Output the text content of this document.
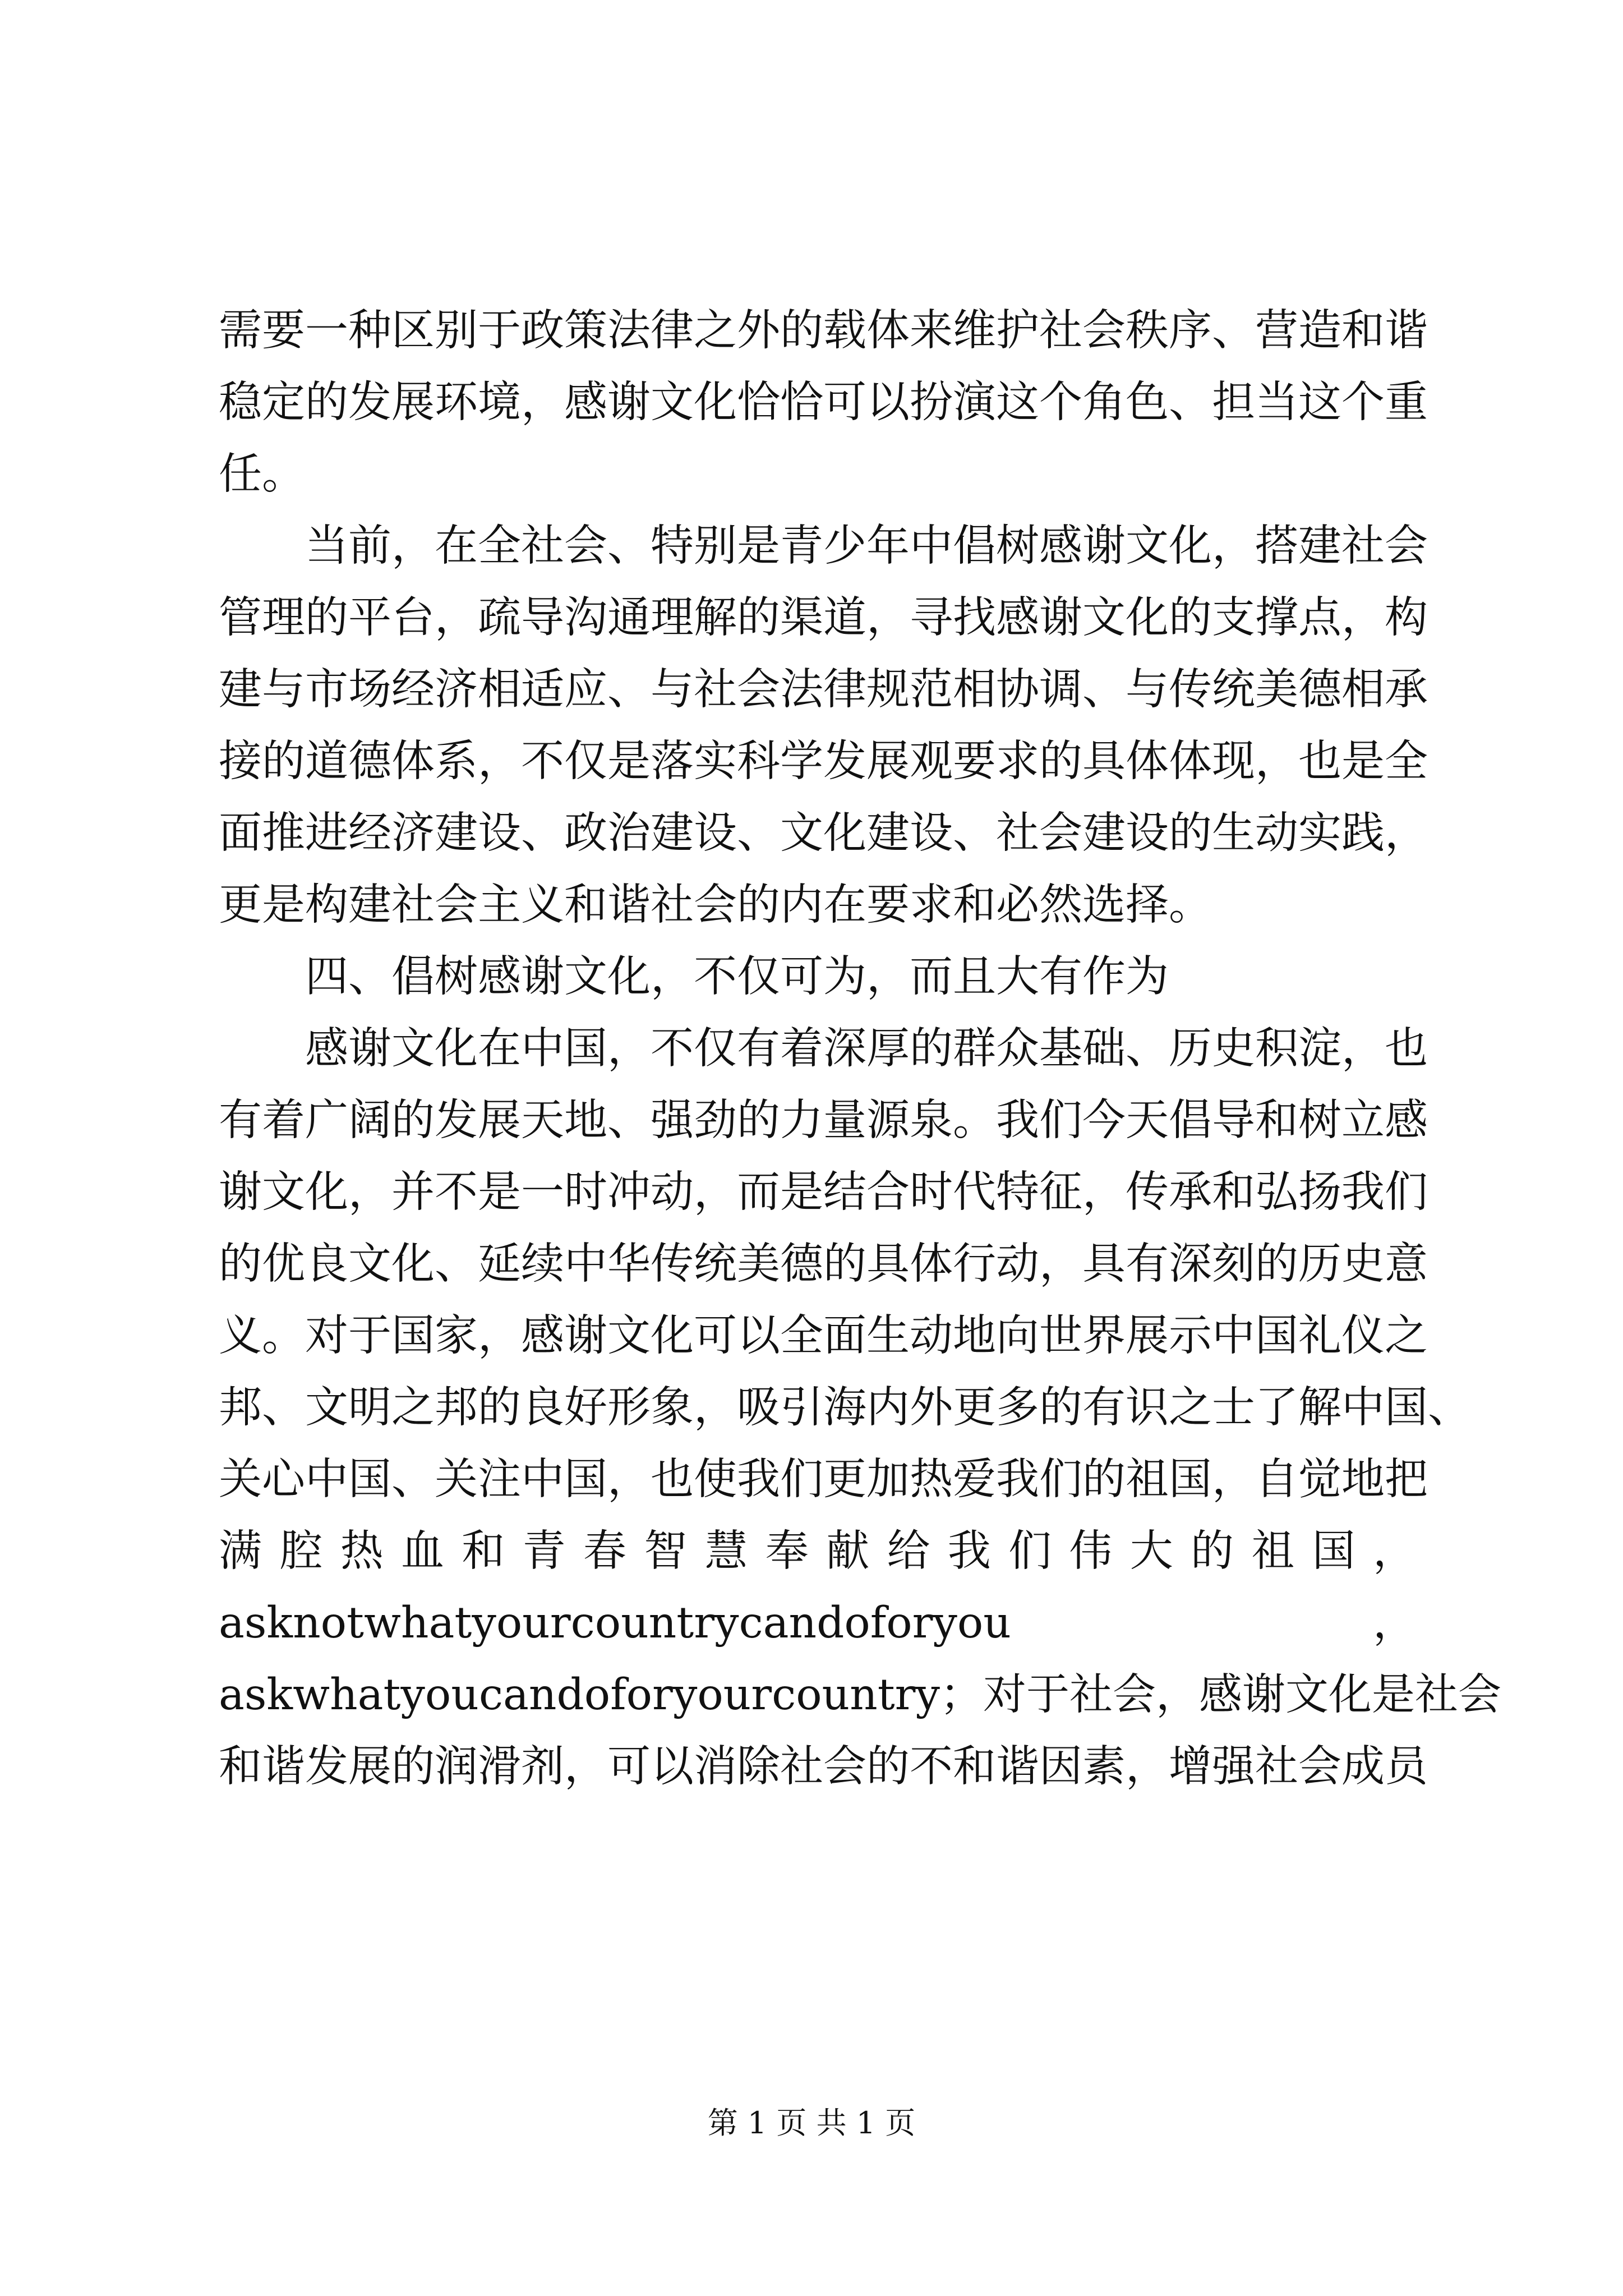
需要一种区别于政策法律之外的载体来维护社会秩序、营造和谐
稳定的发展环境，感谢文化恰恰可以扮演这个角色、担当这个重
任。
　　当前，在全社会、特别是青少年中倡树感谢文化，搭建社会
管理的平台，疏导沟通理解的渠道，寻找感谢文化的支撑点，构
建与市场经济相适应、与社会法律规范相协调、与传统美德相承
接的道德体系，不仅是落实科学发展观要求的具体体现，也是全
面推进经济建设、政治建设、文化建设、社会建设的生动实践，
更是构建社会主义和谐社会的内在要求和必然选择。
　　四、倡树感谢文化，不仅可为，而且大有作为
　　感谢文化在中国，不仅有着深厚的群众基础、历史积淀，也
有着广阔的发展天地、强劲的力量源泉。我们今天倡导和树立感
谢文化，并不是一时冲动，而是结合时代特征，传承和弘扬我们
的优良文化、延续中华传统美德的具体行动，具有深刻的历史意
义。对于国家，感谢文化可以全面生动地向世界展示中国礼仪之
邦、文明之邦的良好形象，吸引海内外更多的有识之士了解中国、
关心中国、关注中国，也使我们更加热爱我们的祖国，自觉地把
满 腔 热 血 和 青 春 智 慧 奉 献 给 我 们 伟 大 的 祖 国 ，
asknotwhatyourcountrycandoforyou	，
askwhatyoucandoforyourcountry；对于社会，感谢文化是社会
和谐发展的润滑剂，可以消除社会的不和谐因素，增强社会成员
第 1 页 共 1 页
